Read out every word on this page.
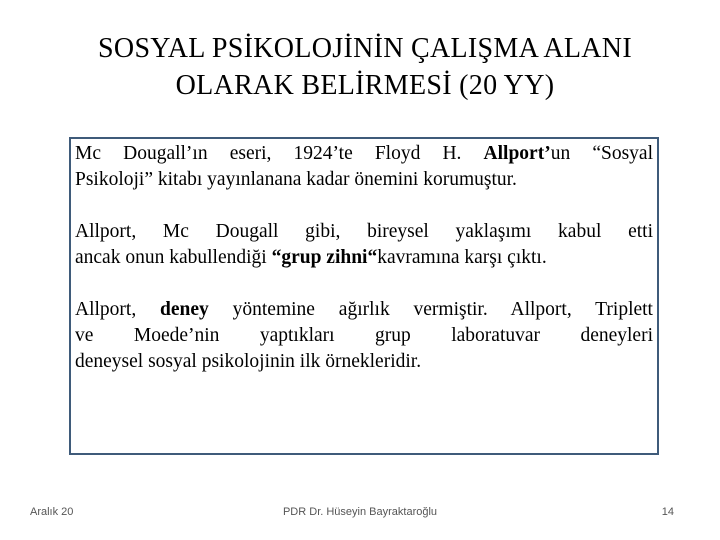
SOSYAL PSİKOLOJİNİN ÇALIŞMA ALANI
OLARAK BELİRMESİ (20 YY)
Mc Dougall’ın eseri, 1924’te Floyd H. Allport’un “Sosyal
Psikoloji” kitabı yayınlanana kadar önemini korumuştur.
Allport, Mc Dougall gibi, bireysel yaklaşımı kabul etti
ancak onun kabullendiği “grup zihni“kavramına karşı çıktı.
Allport, deney yöntemine ağırlık vermiştir. Allport, Triplett
ve Moede’nin yaptıkları grup laboratuvar deneyleri
deneysel sosyal psikolojinin ilk örnekleridir.
Aralık 20	PDR Dr. Hüseyin Bayraktaroğlu	14
